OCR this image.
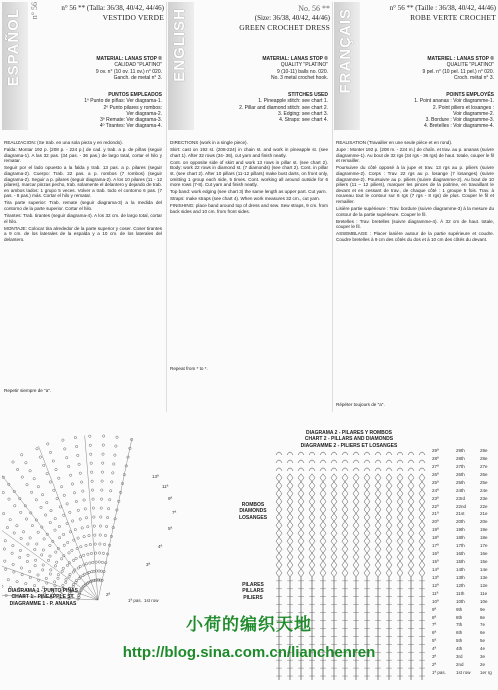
ESPAÑOL n° 56	n° 56 ** (Talla: 36/38, 40/42, 44/46)
VESTIDO VERDE
MATERIAL: LANAS STOP ®
CALIDAD "PLATINO"
9 ov. n° (10 ov. 11 ov.) n° 020.
Ganch. de metal n° 3.
PUNTOS EMPLEADOS
1º Punto de piñas: Ver diagrama-1.
2º Punto pilares y rombos:
Ver diagrama-2.
3º Remate: Ver diagrama-3.
4º Tirantes: Ver diagrama-4.

REALIZACION: (Se trab. en una sola pieza y en redondo).

Falda: Montar 192 p. (208 p. - 224 p.) de cad. y trab. a p. de piñas (seguir diagrama-1). A las 32 pas. (34 pas. - 36 pas.) de largo total, cortar el hilo y rematar.

Seguir por el lado opuesto a la falda y trab. 13 pas. a p. pilares (seguir diagrama-2). Cuerpo: Trab. 22 pas. a p. rombos (7 rombos) (seguir diagrama-2). Seguir a p. pilares (seguir diagrama-2). A los 10 pilares (11 - 12 pilares), marcar pinzas pecho, trab. solamente el delantero y dejando de trab. en ambos lados: 1 grupo 5 veces. Volver a trab. todo el contorno 6 pas. (7 pas. - 8 pas.) más. Cortar el hilo y rematar.

Tira parte superior: Trab. remate (seguir diagrama-3) a la medida del contorno de la parte superior. Cortar el hilo.

Tirantes: Trab. tirantes (seguir diagrama-4). A los 32 cm. de largo total, cortar el hilo.

MONTAJE: Colocar tira alrededor de la parte superior y coser. Coser tirantes a 9 cm. de los laterales de la espalda y a 10 cm. de los laterales del delantero.

Repetir siempre de "a".
ENGLISH	No. 56 **
(Size: 36/38, 40/42, 44/46)
GREEN CROCHET DRESS
MATERIAL: LANAS STOP ®
QUALITY "PLATINO"
9 (10-11) balls no. 020.
No. 3 metal crochet hook.
STITCHES USED
1. Pineapple stitch: see chart 1.
2. Pillar and diamond stitch: see chart 2.
3. Edging: see chart 3.
4. Straps: see chart 4.

DIRECTIONS (work in a single piece).

Skirt: cast on 192 st. (208-224) in chain st. and work in pineapple st. (see chart 1). After 32 rows (34- 36), cut yarn and finish neatly.

Cont. on opposite side of skirt and work 13 rows in pillar st. (see chart 2). Body: work 22 rows in diamond st. (7 diamonds) (see chart 2). Cont. in pillar st. (see chart 2). After 10 pillars (11-12 pillars) make bust darts, on front only, omitting 1 group each side, 5 times. Cont. working all around outside for 6 more rows (7-8). Cut yarn and finish neatly.

Top band: work edging (see chart 3) the same length as upper part. Cut yarn.

Straps: make straps (see chart 4). When work measures 32 cm., cut yarn.

FINISHING: place band around top of dress and sew. Sew straps, 9 cm. from back sides and 10 cm. from front sides.

Repeat from * to *.
FRANÇAIS	n° 56 ** (Taille : 36/38, 40/42, 44/46)
ROBE VERTE CROCHET
MATERIEL : LANAS STOP ®
QUALITE "PLATINO"
9 pel. n° (10 pel. 11 pel.) n° 020.
Croch. métal n° 3.
POINTS EMPLOYÉS
1. Point ananas : Voir diagramme-1.
2. Point piliers et losanges :
Voir diagramme-2.
3. Bordure : Voir diagramme-3.
4. Bretelles : Voir diagramme-4.

REALISATION (Travailler en une seule pièce et en rond).

Jupe : Monter 192 p. (208 m. - 224 m.) de chaîn. et trav. au p. ananas (suivre diagramme-1). Au bout de 32 rgs (34 rgs - 36 rgs) de haut. totale, couper le fil et remailler.

Poursuivre du côté opposé à la jupe et trav. 13 rgs au p. piliers (suivre diagramme-2). Corps : Trav. 22 rgs au p. losange (7 losanges) (suivre diagramme-2). Poursuivre au p. piliers (suivre diagramme-2). Au bout de 10 piliers (11 – 12 piliers), marquer les pinces de la poitrine, en travaillant le devant et en cessant de trav., de chaque côté : 1 groupe 5 fois. Trav. à nouveau tout le contour sur 6 rgs (7 rgs - 8 rgs) de plus. Couper le fil et remailler.

Lisière partie supérieure : Trav. bordure (suivre diagramme-3) à la mesure du contour de la partie supérieure. Couper le fil.

Bretelles : Trav. bretelles (suivre diagramme-4). À 32 cm de haut. totale, couper le fil.

ASSEMBLAGE : Placer lanière autour de la partie supérieure et coudre. Coudre bretelles à 9 cm des côtés du dos et à 10 cm des côtés du devant.

Répéter toujours de "a".
DIAGRAMA 1 - PUNTO PIÑAS
CHART 1 - PINEAPPLE ST.
DIAGRAMME 1 - P. ANANAS	1ª pas. 1st row
2ª
13ª
11ª
9ª
7ª
5ª
4ª
3ª
DIAGRAMA 2 - PILARES Y ROMBOS
CHART 2 - PILLARS AND DIAMONDS
DIAGRAMME 2 - PILIERS ET LOSANGES
ROMBOS
DIAMONDS
LOSANGES
PILARES
PILLARS
PILIERS
29ª
28ª
27ª
26ª
25ª
24ª
23ª
22ª
21ª
20ª
19ª
18ª
17ª
16ª
15ª
14ª
13ª
12ª
11ª
10ª
9ª
8ª
7ª
6ª
5ª
4ª
3ª
2ª
1ª pas.
29th
28th
27th
26th
25th
24th
23rd
22nd
21st
20th
19th
18th
17th
16th
15th
14th
13th
12th
11th
10th
9th
8th
7th
6th
5th
4th
3rd
2nd
1st row
29e
28e
27e
26e
25e
24e
23e
22e
21e
20e
19e
18e
17e
16e
15e
14e
13e
12e
11e
10e
9e
8e
7e
6e
5e
4e
3e
2e
1er rg
小荷的编织天地
http://blog.sina.com.cn/lianchenren
